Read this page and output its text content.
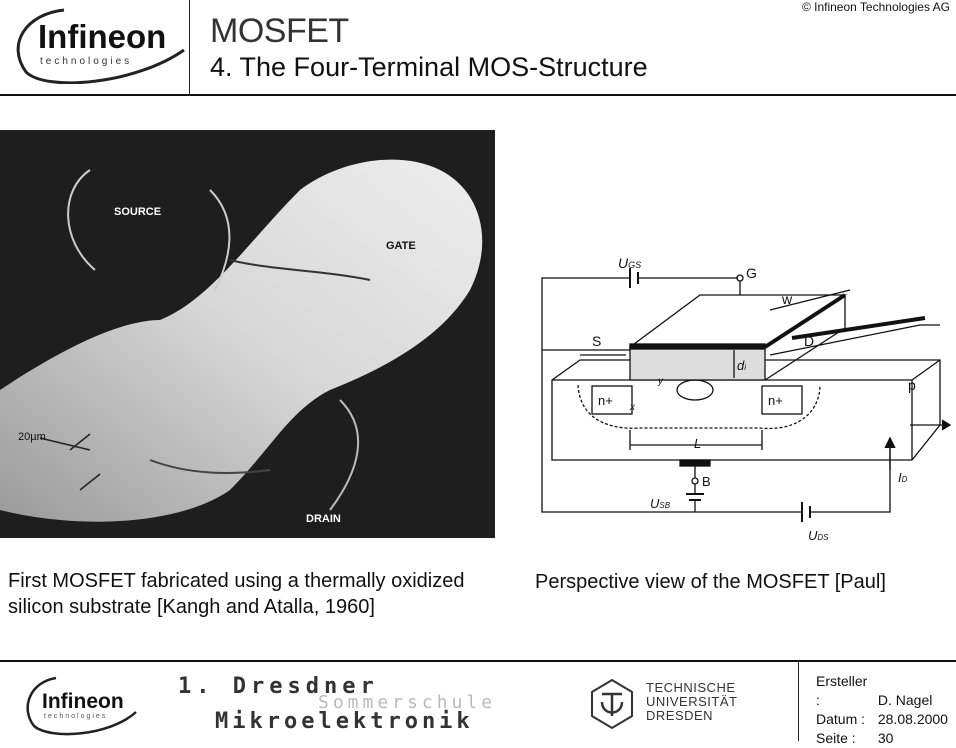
Infineon
technologies
MOSFET
4. The Four-Terminal MOS-Structure
© Infineon Technologies AG
SOURCE
GATE
DRAIN
20µm
UGS	G
w
S	D
di
p
n+	n+
L
B
USB
UDS
ID
y
x
First MOSFET fabricated using a thermally oxidized
silicon substrate [Kangh and Atalla, 1960]
Perspective view of the MOSFET [Paul]
Infineon
technologies
1. Dresdner
Sommerschule
Mikroelektronik
TECHNISCHE
UNIVERSITÄT
DRESDEN
Ersteller :	D. Nagel
Datum : 28.08.2000
Seite : 30
